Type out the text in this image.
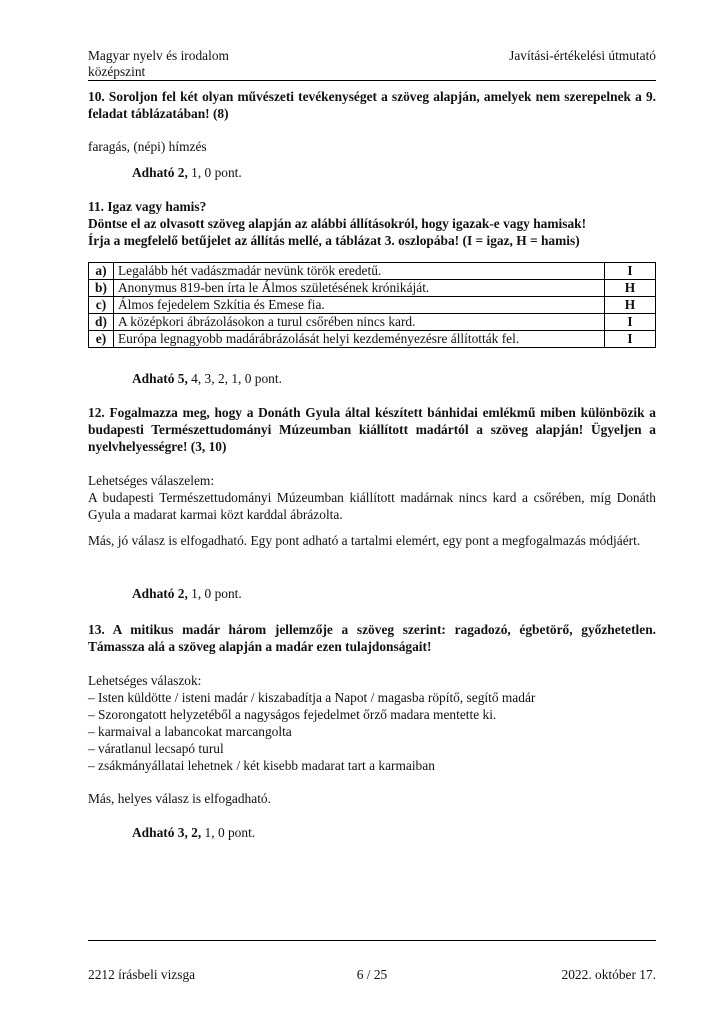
Magyar nyelv és irodalom
középszint
Javítási-értékelési útmutató
10. Soroljon fel két olyan művészeti tevékenységet a szöveg alapján, amelyek nem szerepelnek a 9. feladat táblázatában! (8)
faragás, (népi) hímzés
Adható 2, 1, 0 pont.
11. Igaz vagy hamis?
Döntse el az olvasott szöveg alapján az alábbi állításokról, hogy igazak-e vagy hamisak!
Írja a megfelelő betűjelet az állítás mellé, a táblázat 3. oszlopába! (I = igaz, H = hamis)
a)	Legalább hét vadászmadár nevünk török eredetű.	I
b)	Anonymus 819-ben írta le Álmos születésének krónikáját.	H
c)	Álmos fejedelem Szkítia és Emese fia.	H
d)	A középkori ábrázolásokon a turul csőrében nincs kard.	I
e)	Európa legnagyobb madárábrázolását helyi kezdeményezésre állították fel.	I
Adható 5, 4, 3, 2, 1, 0 pont.
12. Fogalmazza meg, hogy a Donáth Gyula által készített bánhidai emlékmű miben különbözik a budapesti Természettudományi Múzeumban kiállított madártól a szöveg alapján! Ügyeljen a nyelvhelyességre! (3, 10)
Lehetséges válaszelem:
A budapesti Természettudományi Múzeumban kiállított madárnak nincs kard a csőrében, míg Donáth Gyula a madarat karmai közt karddal ábrázolta.
Más, jó válasz is elfogadható. Egy pont adható a tartalmi elemért, egy pont a megfogalmazás módjáért.
Adható 2, 1, 0 pont.
13. A mitikus madár három jellemzője a szöveg szerint: ragadozó, égbetörő, győzhetetlen. Támassza alá a szöveg alapján a madár ezen tulajdonságait!
Lehetséges válaszok:
– Isten küldötte / isteni madár / kiszabadítja a Napot / magasba röpítő, segítő madár
– Szorongatott helyzetéből a nagyságos fejedelmet őrző madara mentette ki.
– karmaival a labancokat marcangolta
– váratlanul lecsapó turul
– zsákmányállatai lehetnek / két kisebb madarat tart a karmaiban
Más, helyes válasz is elfogadható.
Adható 3, 2, 1, 0 pont.
2212 írásbeli vizsga	6 / 25	2022. október 17.
